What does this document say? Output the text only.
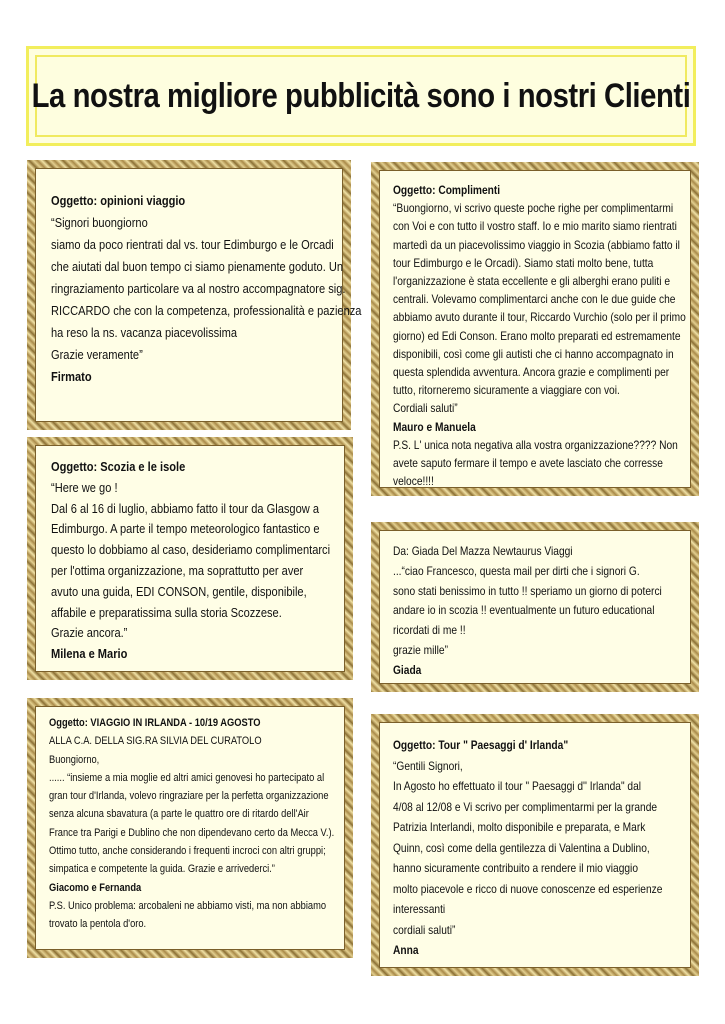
La nostra migliore pubblicità sono i nostri Clienti

Oggetto: opinioni viaggio

“Signori buongiorno

siamo da poco rientrati dal vs. tour Edimburgo e le Orcadi

che aiutati dal buon tempo ci siamo pienamente goduto. Un

ringraziamento particolare va al nostro accompagnatore sig.

RICCARDO che con la competenza, professionalità e pazienza

ha reso la ns. vacanza piacevolissima

Grazie veramente”

Firmato

Oggetto: Complimenti

“Buongiorno, vi scrivo queste poche righe per complimentarmi

con Voi e con tutto il vostro staff. Io e mio marito siamo rientrati

martedì da un piacevolissimo viaggio in Scozia (abbiamo fatto il

tour Edimburgo e le Orcadi). Siamo stati molto bene, tutta

l'organizzazione è stata eccellente e gli alberghi erano puliti e

centrali. Volevamo complimentarci anche con le due guide che

abbiamo avuto durante il tour, Riccardo Vurchio (solo per il primo

giorno) ed Edi Conson. Erano molto preparati ed estremamente

disponibili, così come gli autisti che ci hanno accompagnato in

questa splendida avventura. Ancora grazie e complimenti per

tutto, ritorneremo sicuramente a viaggiare con voi.

Cordiali saluti”

Mauro e Manuela

P.S. L' unica nota negativa alla vostra organizzazione???? Non

avete saputo fermare il tempo e avete lasciato che corresse

veloce!!!!

Oggetto: Scozia e le isole

“Here we go !

Dal 6 al 16 di luglio, abbiamo fatto il tour da Glasgow a

Edimburgo. A parte il tempo meteorologico fantastico e

questo lo dobbiamo al caso, desideriamo complimentarci

per l'ottima organizzazione, ma soprattutto per aver

avuto una guida, EDI CONSON, gentile, disponibile,

affabile e preparatissima sulla storia Scozzese.

Grazie ancora.”

Milena e Mario

Da: Giada Del Mazza Newtaurus Viaggi

...“ciao Francesco, questa mail per dirti che i signori G.

sono stati benissimo in tutto !! speriamo un giorno di poterci

andare io in scozia !! eventualmente un futuro educational

ricordati di me !!

grazie mille”

Giada

Oggetto: VIAGGIO IN IRLANDA - 10/19 AGOSTO

ALLA C.A. DELLA SIG.RA SILVIA DEL CURATOLO

Buongiorno,

...... “insieme a mia moglie ed altri amici genovesi ho partecipato al

gran tour d'Irlanda, volevo ringraziare per la perfetta organizzazione

senza alcuna sbavatura (a parte le quattro ore di ritardo dell'Air

France tra Parigi e Dublino che non dipendevano certo da Mecca V.).

Ottimo tutto, anche considerando i frequenti incroci con altri gruppi;

simpatica e competente la guida. Grazie e arrivederci.”

Giacomo e Fernanda

P.S. Unico problema: arcobaleni ne abbiamo visti, ma non abbiamo

trovato la pentola d'oro.

Oggetto: Tour " Paesaggi d' Irlanda"

“Gentili Signori,

In Agosto ho effettuato il tour " Paesaggi d'' Irlanda" dal

4/08 al 12/08 e Vi scrivo per complimentarmi per la grande

Patrizia Interlandi, molto disponibile e preparata, e Mark

Quinn, così come della gentilezza di Valentina a Dublino,

hanno sicuramente contribuito a rendere il mio viaggio

molto piacevole e ricco di nuove conoscenze ed esperienze

interessanti

cordiali saluti”

Anna
